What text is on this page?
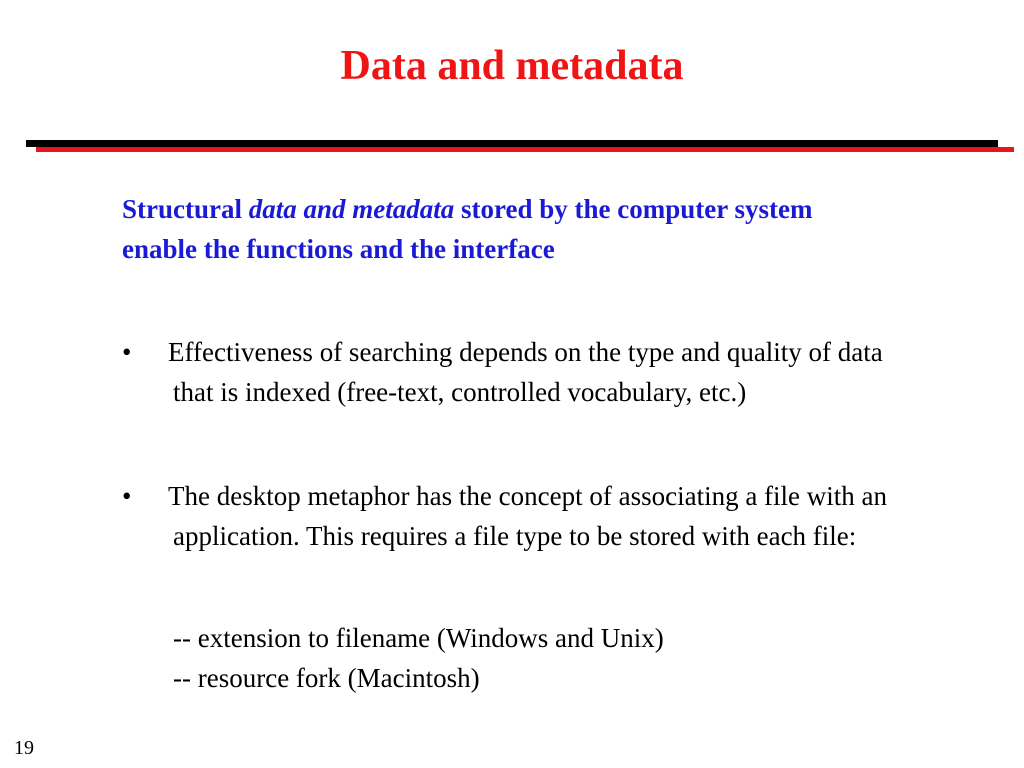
Data and metadata
Structural data and metadata stored by the computer system enable the functions and the interface
•	Effectiveness of searching depends on the type and quality of data that is indexed (free-text, controlled vocabulary, etc.)
•	The desktop metaphor has the concept of associating a file with an application. This requires a file type to be stored with each file:
-- extension to filename (Windows and Unix)
-- resource fork (Macintosh)
19
